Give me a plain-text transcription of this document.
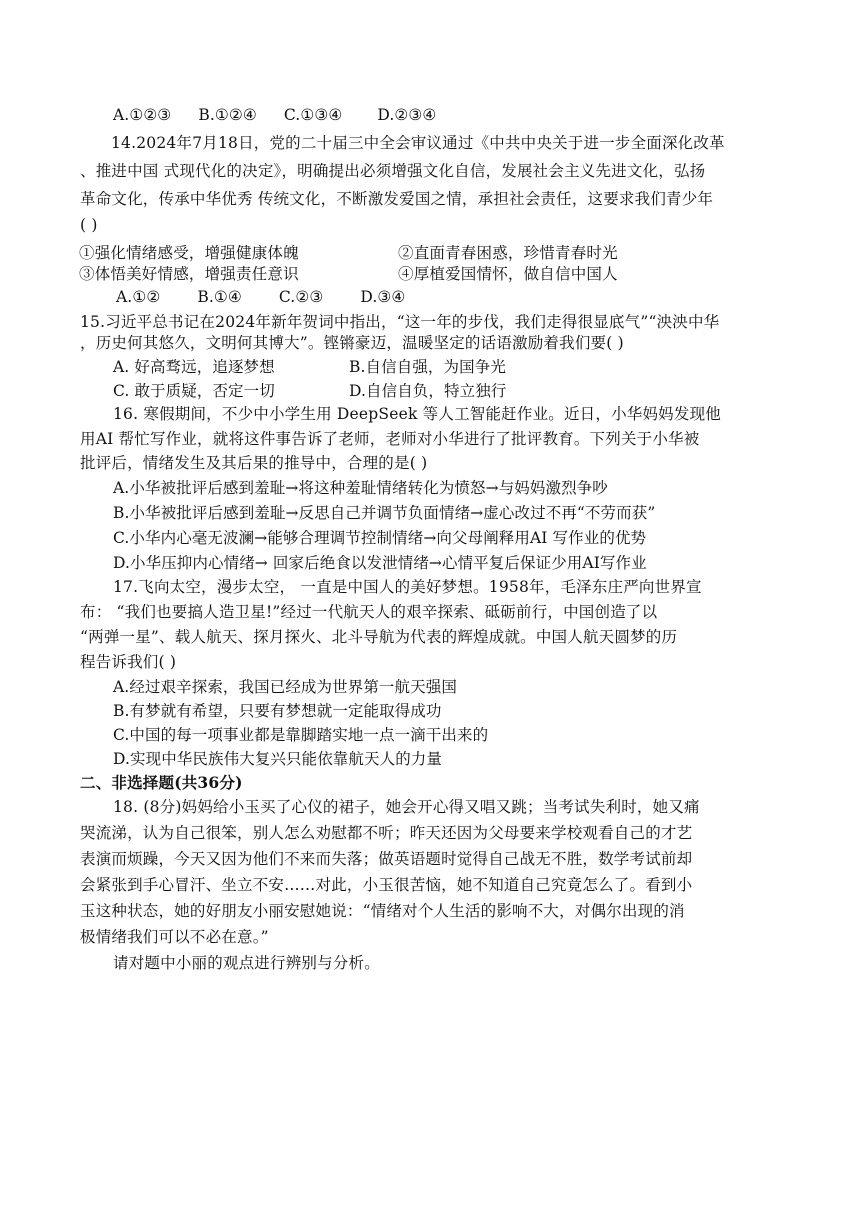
A.①②③ B.①②④ C.①③④ D.②③④
14.2024年7月18日，党的二十届三中全会审议通过《中共中央关于进一步全面深化改革
、推进中国 式现代化的决定》，明确提出必须增强文化自信，发展社会主义先进文化，弘扬
革命文化，传承中华优秀 传统文化，不断激发爱国之情，承担社会责任，这要求我们青少年
( )
①强化情绪感受，增强健康体魄	②直面青春困惑，珍惜青春时光
③体悟美好情感，增强责任意识	④厚植爱国情怀，做自信中国人
A.①② B.①④ C.②③ D.③④
15.习近平总书记在2024年新年贺词中指出，“这一年的步伐，我们走得很显底气”“泱泱中华
，历史何其悠久，文明何其博大”。铿锵豪迈，温暖坚定的话语激励着我们要( )
A. 好高骛远，追逐梦想	B.自信自强，为国争光
C. 敢于质疑，否定一切	D.自信自负，特立独行
16. 寒假期间，不少中小学生用 DeepSeek 等人工智能赶作业。近日，小华妈妈发现他
用AI 帮忙写作业，就将这件事告诉了老师，老师对小华进行了批评教育。下列关于小华被
批评后，情绪发生及其后果的推导中，合理的是( )
A.小华被批评后感到羞耻→将这种羞耻情绪转化为愤怒→与妈妈激烈争吵
B.小华被批评后感到羞耻→反思自己并调节负面情绪→虚心改过不再“不劳而获”
C.小华内心毫无波澜→能够合理调节控制情绪→向父母阐释用AI 写作业的优势
D.小华压抑内心情绪→ 回家后绝食以发泄情绪→心情平复后保证少用AI写作业
17.飞向太空，漫步太空， 一直是中国人的美好梦想。1958年，毛泽东庄严向世界宣
布： “我们也要搞人造卫星!”经过一代航天人的艰辛探索、砥砺前行，中国创造了以
“两弹一星”、载人航天、探月探火、北斗导航为代表的辉煌成就。中国人航天圆梦的历
程告诉我们( )
A.经过艰辛探索，我国已经成为世界第一航天强国
B.有梦就有希望，只要有梦想就一定能取得成功
C.中国的每一项事业都是靠脚踏实地一点一滴干出来的
D.实现中华民族伟大复兴只能依靠航天人的力量
二、非选择题(共36分)
18. (8分)妈妈给小玉买了心仪的裙子，她会开心得又唱又跳；当考试失利时，她又痛
哭流涕，认为自己很笨，别人怎么劝慰都不听；昨天还因为父母要来学校观看自己的才艺
表演而烦躁，今天又因为他们不来而失落；做英语题时觉得自己战无不胜，数学考试前却
会紧张到手心冒汗、坐立不安……对此，小玉很苦恼，她不知道自己究竟怎么了。看到小
玉这种状态，她的好朋友小丽安慰她说：“情绪对个人生活的影响不大，对偶尔出现的消
极情绪我们可以不必在意。”
请对题中小丽的观点进行辨别与分析。
